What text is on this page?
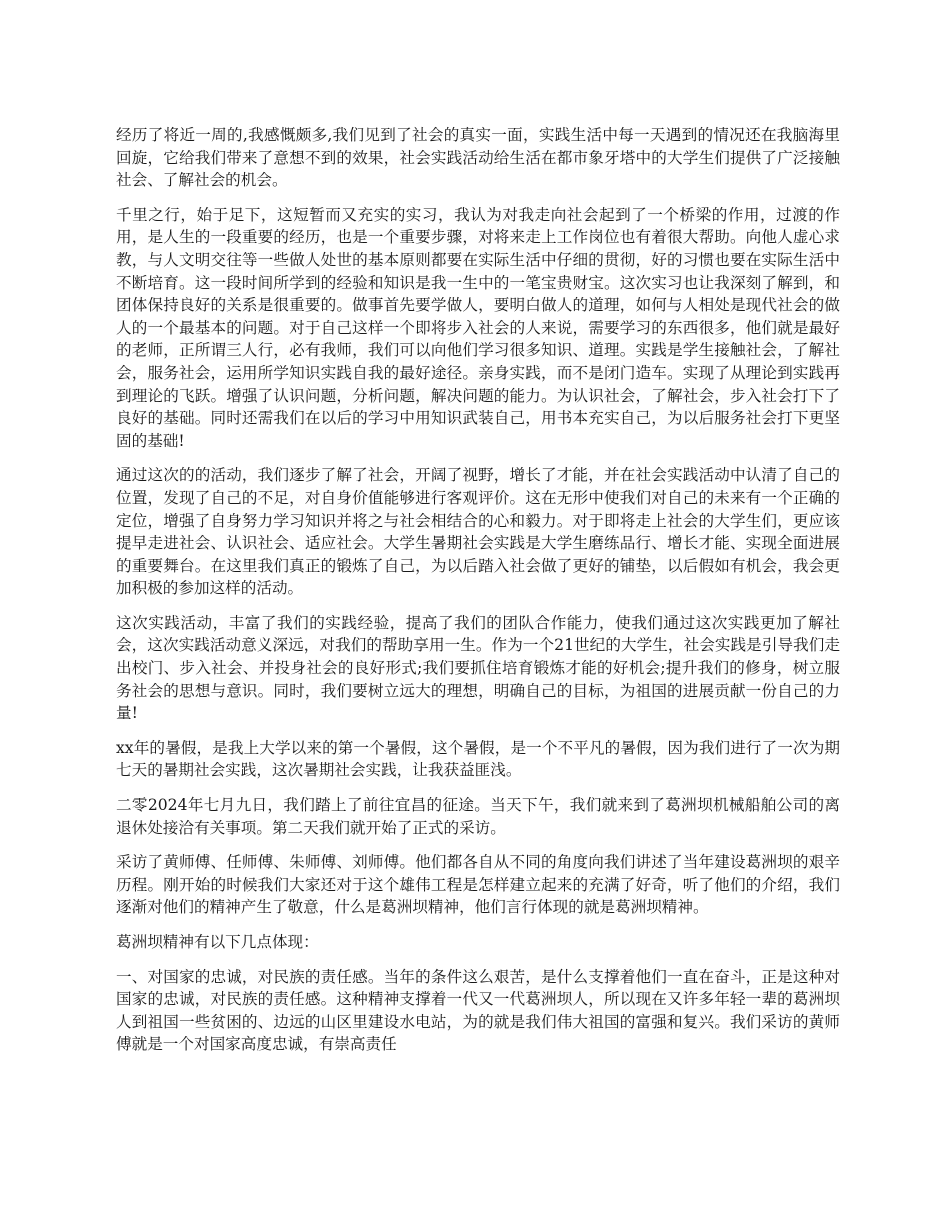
经历了将近一周的,我感慨颇多,我们见到了社会的真实一面，实践生活中每一天遇到的情况还在我脑海里回旋，它给我们带来了意想不到的效果，社会实践活动给生活在都市象牙塔中的大学生们提供了广泛接触社会、了解社会的机会。

千里之行，始于足下，这短暂而又充实的实习，我认为对我走向社会起到了一个桥梁的作用，过渡的作用，是人生的一段重要的经历，也是一个重要步骤，对将来走上工作岗位也有着很大帮助。向他人虚心求教，与人文明交往等一些做人处世的基本原则都要在实际生活中仔细的贯彻，好的习惯也要在实际生活中不断培育。这一段时间所学到的经验和知识是我一生中的一笔宝贵财宝。这次实习也让我深刻了解到，和团体保持良好的关系是很重要的。做事首先要学做人，要明白做人的道理，如何与人相处是现代社会的做人的一个最基本的问题。对于自己这样一个即将步入社会的人来说，需要学习的东西很多，他们就是最好的老师，正所谓三人行，必有我师，我们可以向他们学习很多知识、道理。实践是学生接触社会，了解社会，服务社会，运用所学知识实践自我的最好途径。亲身实践，而不是闭门造车。实现了从理论到实践再到理论的飞跃。增强了认识问题，分析问题，解决问题的能力。为认识社会，了解社会，步入社会打下了良好的基础。同时还需我们在以后的学习中用知识武装自己，用书本充实自己，为以后服务社会打下更坚固的基础!

通过这次的的活动，我们逐步了解了社会，开阔了视野，增长了才能，并在社会实践活动中认清了自己的位置，发现了自己的不足，对自身价值能够进行客观评价。这在无形中使我们对自己的未来有一个正确的定位，增强了自身努力学习知识并将之与社会相结合的心和毅力。对于即将走上社会的大学生们，更应该提早走进社会、认识社会、适应社会。大学生暑期社会实践是大学生磨练品行、增长才能、实现全面进展的重要舞台。在这里我们真正的锻炼了自己，为以后踏入社会做了更好的铺垫，以后假如有机会，我会更加积极的参加这样的活动。

这次实践活动，丰富了我们的实践经验，提高了我们的团队合作能力，使我们通过这次实践更加了解社会，这次实践活动意义深远，对我们的帮助享用一生。作为一个21世纪的大学生，社会实践是引导我们走出校门、步入社会、并投身社会的良好形式;我们要抓住培育锻炼才能的好机会;提升我们的修身，树立服务社会的思想与意识。同时，我们要树立远大的理想，明确自己的目标，为祖国的进展贡献一份自己的力量!

xx年的暑假，是我上大学以来的第一个暑假，这个暑假，是一个不平凡的暑假，因为我们进行了一次为期七天的暑期社会实践，这次暑期社会实践，让我获益匪浅。

二零2024年七月九日，我们踏上了前往宜昌的征途。当天下午，我们就来到了葛洲坝机械船舶公司的离退休处接洽有关事项。第二天我们就开始了正式的采访。

采访了黄师傅、任师傅、朱师傅、刘师傅。他们都各自从不同的角度向我们讲述了当年建设葛洲坝的艰辛历程。刚开始的时候我们大家还对于这个雄伟工程是怎样建立起来的充满了好奇，听了他们的介绍，我们逐渐对他们的精神产生了敬意，什么是葛洲坝精神，他们言行体现的就是葛洲坝精神。

葛洲坝精神有以下几点体现：

一、对国家的忠诚，对民族的责任感。当年的条件这么艰苦，是什么支撑着他们一直在奋斗，正是这种对国家的忠诚，对民族的责任感。这种精神支撑着一代又一代葛洲坝人，所以现在又许多年轻一辈的葛洲坝人到祖国一些贫困的、边远的山区里建设水电站，为的就是我们伟大祖国的富强和复兴。我们采访的黄师傅就是一个对国家高度忠诚，有崇高责任
